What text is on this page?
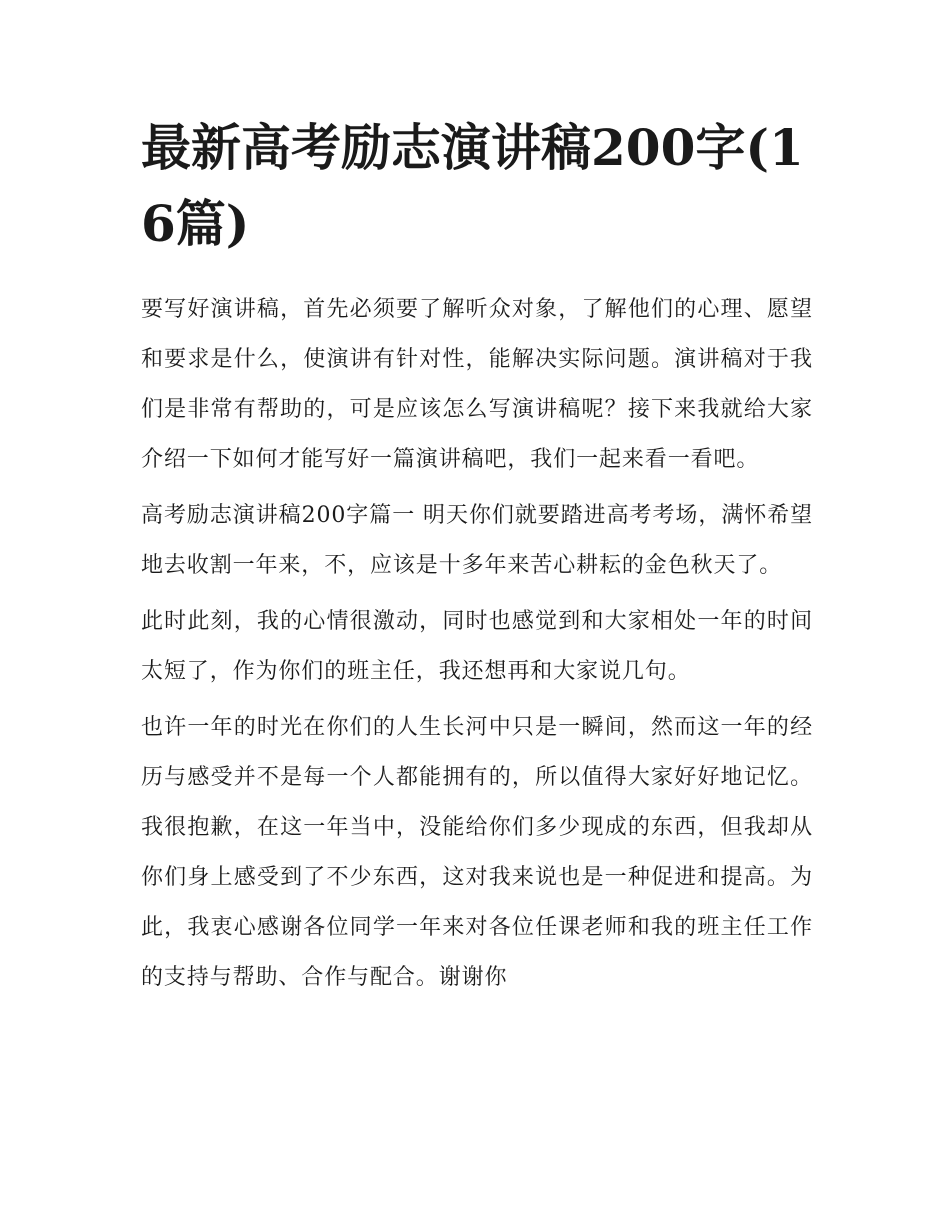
最新高考励志演讲稿200字(16篇)

要写好演讲稿，首先必须要了解听众对象，了解他们的心理、愿望和要求是什么，使演讲有针对性，能解决实际问题。演讲稿对于我们是非常有帮助的，可是应该怎么写演讲稿呢？接下来我就给大家介绍一下如何才能写好一篇演讲稿吧，我们一起来看一看吧。

高考励志演讲稿200字篇一 明天你们就要踏进高考考场，满怀希望地去收割一年来，不，应该是十多年来苦心耕耘的金色秋天了。

此时此刻，我的心情很激动，同时也感觉到和大家相处一年的时间太短了，作为你们的班主任，我还想再和大家说几句。

也许一年的时光在你们的人生长河中只是一瞬间，然而这一年的经历与感受并不是每一个人都能拥有的，所以值得大家好好地记忆。我很抱歉，在这一年当中，没能给你们多少现成的东西，但我却从你们身上感受到了不少东西，这对我来说也是一种促进和提高。为此，我衷心感谢各位同学一年来对各位任课老师和我的班主任工作的支持与帮助、合作与配合。谢谢你
